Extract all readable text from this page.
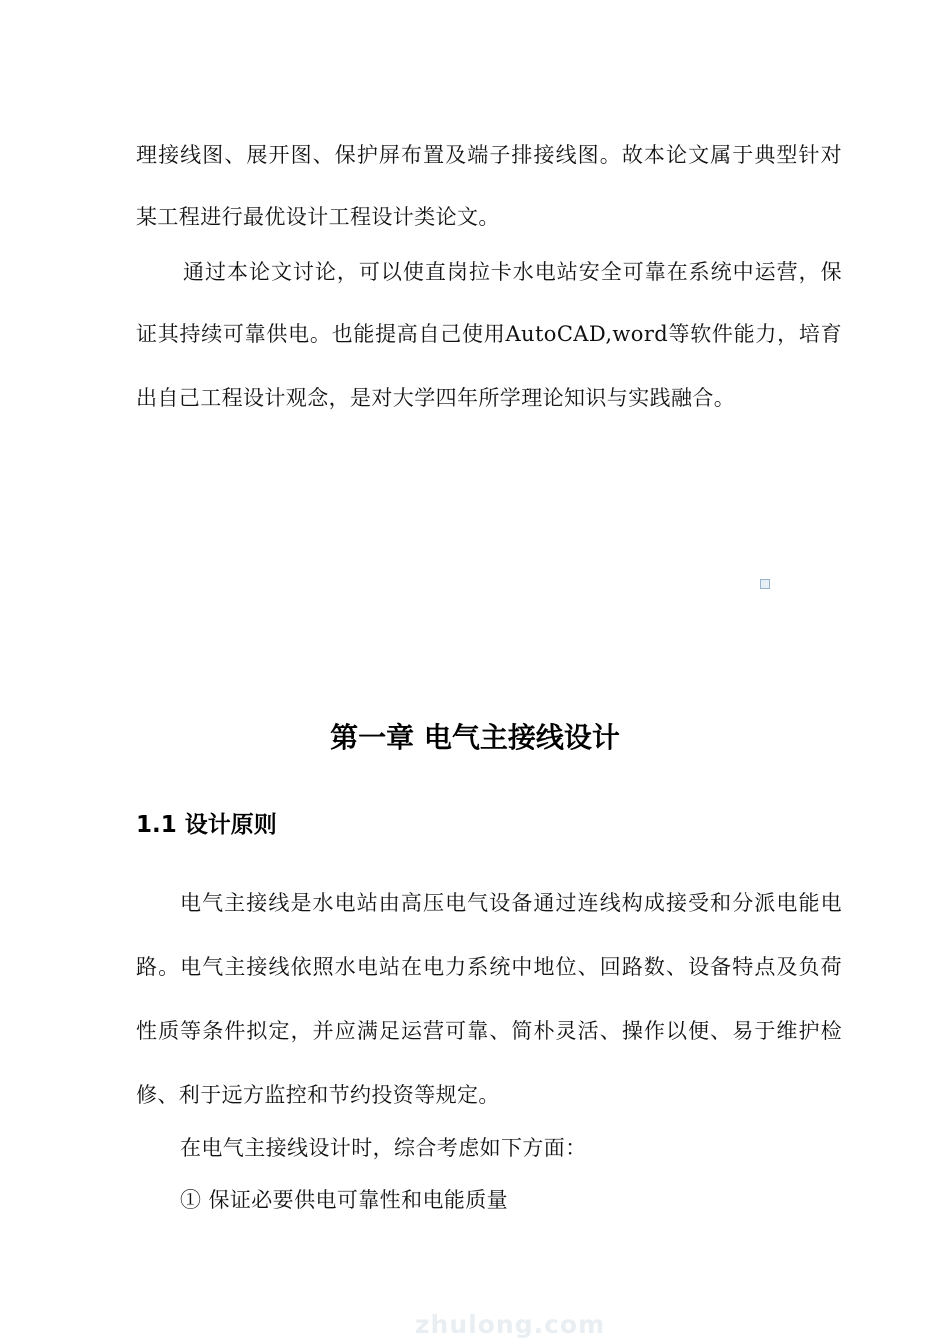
理接线图、展开图、保护屏布置及端子排接线图。故本论文属于典型针对
某工程进行最优设计工程设计类论文。
通过本论文讨论，可以使直岗拉卡水电站安全可靠在系统中运营，保
证其持续可靠供电。也能提高自己使用AutoCAD,word等软件能力，培育
出自己工程设计观念，是对大学四年所学理论知识与实践融合。
第一章 电气主接线设计
1.1 设计原则
电气主接线是水电站由高压电气设备通过连线构成接受和分派电能电
路。电气主接线依照水电站在电力系统中地位、回路数、设备特点及负荷
性质等条件拟定，并应满足运营可靠、简朴灵活、操作以便、易于维护检
修、利于远方监控和节约投资等规定。
在电气主接线设计时，综合考虑如下方面：
① 保证必要供电可靠性和电能质量
zhulong.com
